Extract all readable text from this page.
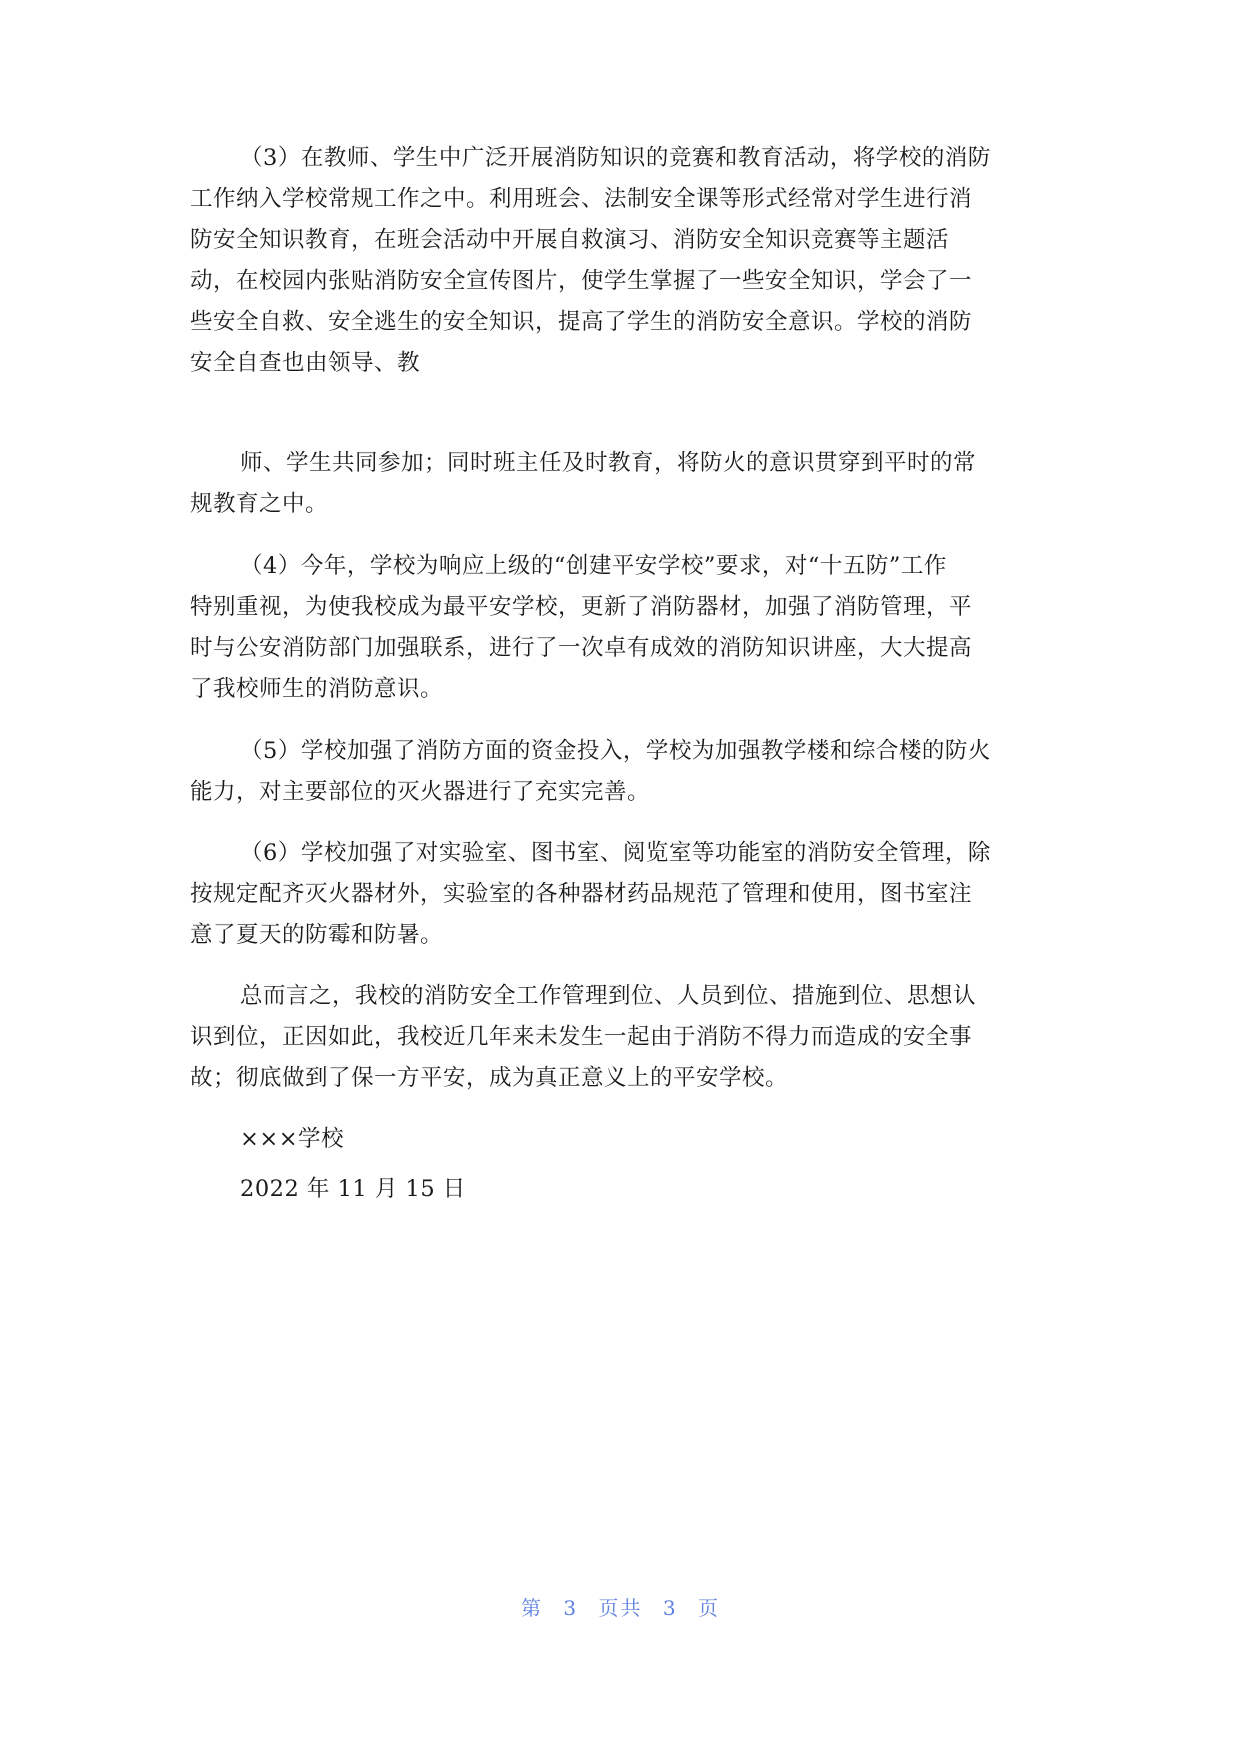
（3）在教师、学生中广泛开展消防知识的竞赛和教育活动，将学校的消防
工作纳入学校常规工作之中。利用班会、法制安全课等形式经常对学生进行消
防安全知识教育，在班会活动中开展自救演习、消防安全知识竞赛等主题活
动，在校园内张贴消防安全宣传图片，使学生掌握了一些安全知识，学会了一
些安全自救、安全逃生的安全知识，提高了学生的消防安全意识。学校的消防
安全自查也由领导、教
师、学生共同参加；同时班主任及时教育，将防火的意识贯穿到平时的常
规教育之中。
（4）今年，学校为响应上级的“创建平安学校”要求，对“十五防”工作
特别重视，为使我校成为最平安学校，更新了消防器材，加强了消防管理，平
时与公安消防部门加强联系，进行了一次卓有成效的消防知识讲座，大大提高
了我校师生的消防意识。
（5）学校加强了消防方面的资金投入，学校为加强教学楼和综合楼的防火
能力，对主要部位的灭火器进行了充实完善。
（6）学校加强了对实验室、图书室、阅览室等功能室的消防安全管理，除
按规定配齐灭火器材外，实验室的各种器材药品规范了管理和使用，图书室注
意了夏天的防霉和防暑。
总而言之，我校的消防安全工作管理到位、人员到位、措施到位、思想认
识到位，正因如此，我校近几年来未发生一起由于消防不得力而造成的安全事
故；彻底做到了保一方平安，成为真正意义上的平安学校。
×××学校
2022 年 11 月 15 日
第 3 页共 3 页
